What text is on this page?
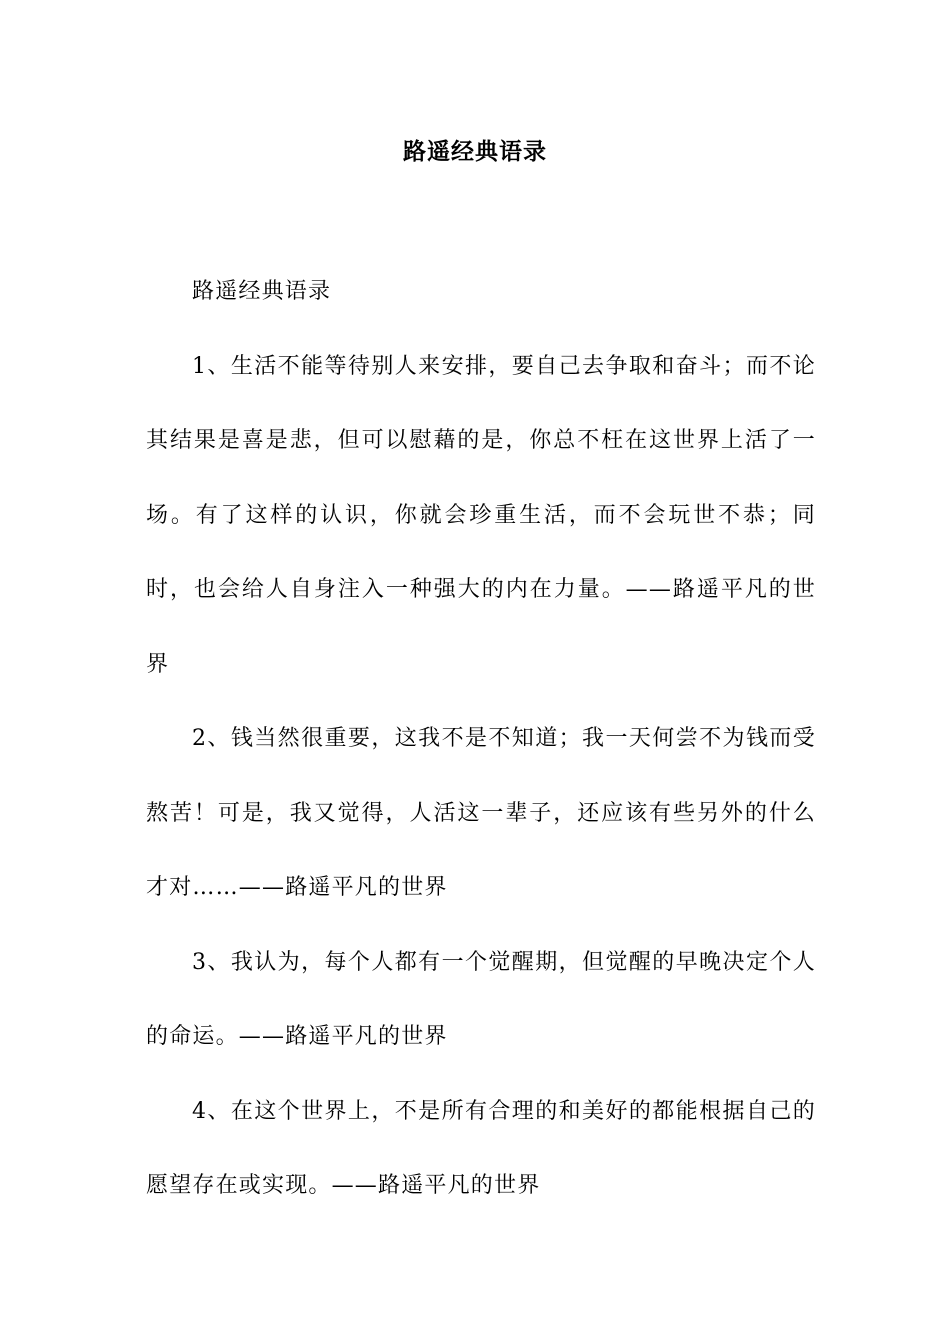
路遥经典语录

路遥经典语录

1、生活不能等待别人来安排，要自己去争取和奋斗；而不论其结果是喜是悲，但可以慰藉的是，你总不枉在这世界上活了一场。有了这样的认识，你就会珍重生活，而不会玩世不恭；同时，也会给人自身注入一种强大的内在力量。——路遥平凡的世界

2、钱当然很重要，这我不是不知道；我一天何尝不为钱而受熬苦！可是，我又觉得，人活这一辈子，还应该有些另外的什么才对……——路遥平凡的世界

3、我认为，每个人都有一个觉醒期，但觉醒的早晚决定个人的命运。——路遥平凡的世界

4、在这个世界上，不是所有合理的和美好的都能根据自己的愿望存在或实现。——路遥平凡的世界
